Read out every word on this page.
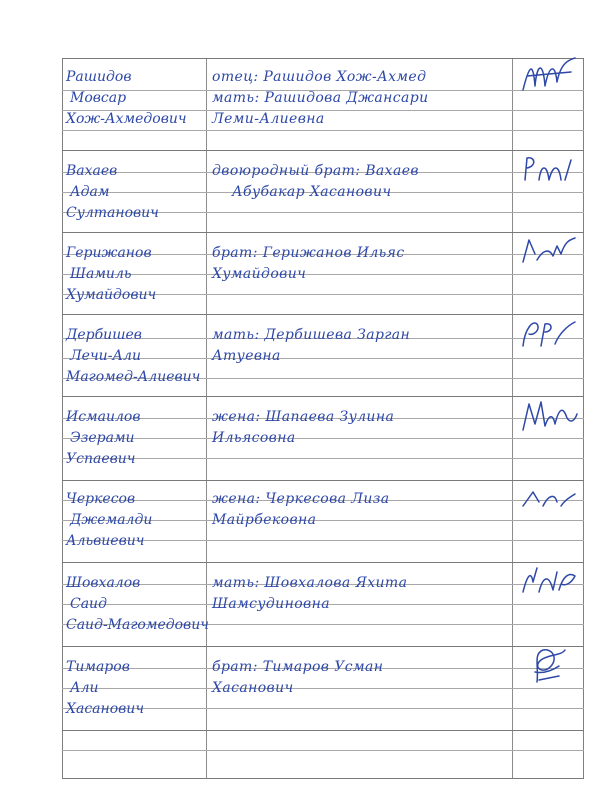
Рашидов
Мовсар
Хож-Ахмедович
отец: Рашидов Хож-Ахмед
мать: Рашидова Джансари
Леми-Алиевна
Вахаев
Адам
Султанович
двоюродный брат: Вахаев
Абубакар Хасанович
Герижанов
Шамиль
Хумайдович
брат: Герижанов Ильяс
Хумайдович
Дербишев
Лечи-Али
Магомед-Алиевич
мать: Дербишева Зарган
Атуевна
Исмаилов
Эзерами
Успаевич
жена: Шапаева Зулина
Ильясовна
Черкесов
Джемалди
Альвиевич
жена: Черкесова Лиза
Майрбековна
Шовхалов
Саид
Саид-Магомедович
мать: Шовхалова Яхита
Шамсудиновна
Тимаров
Али
Хасанович
брат: Тимаров Усман
Хасанович
